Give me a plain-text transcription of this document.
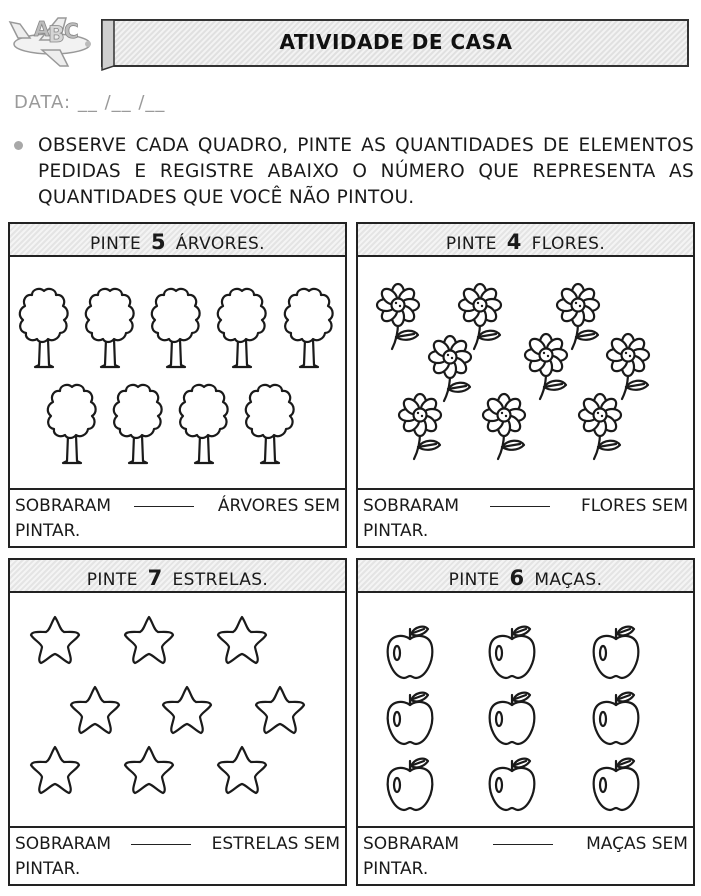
A
B C	ATIVIDADE DE CASA
DATA: __ /__ /__
OBSERVE CADA QUADRO, PINTE AS QUANTIDADES DE ELEMENTOS PEDIDAS E REGISTRE ABAIXO O NÚMERO QUE REPRESENTA AS QUANTIDADES QUE VOCÊ NÃO PINTOU.
PINTE 5 ÁRVORES.
SOBRARAM	ÁRVORES SEM
PINTAR.
PINTE 4 FLORES.
SOBRARAM	FLORES SEM
PINTAR.
PINTE 7 ESTRELAS.
SOBRARAM	ESTRELAS SEM
PINTAR.
PINTE 6 MAÇAS.
SOBRARAM	MAÇAS SEM
PINTAR.
